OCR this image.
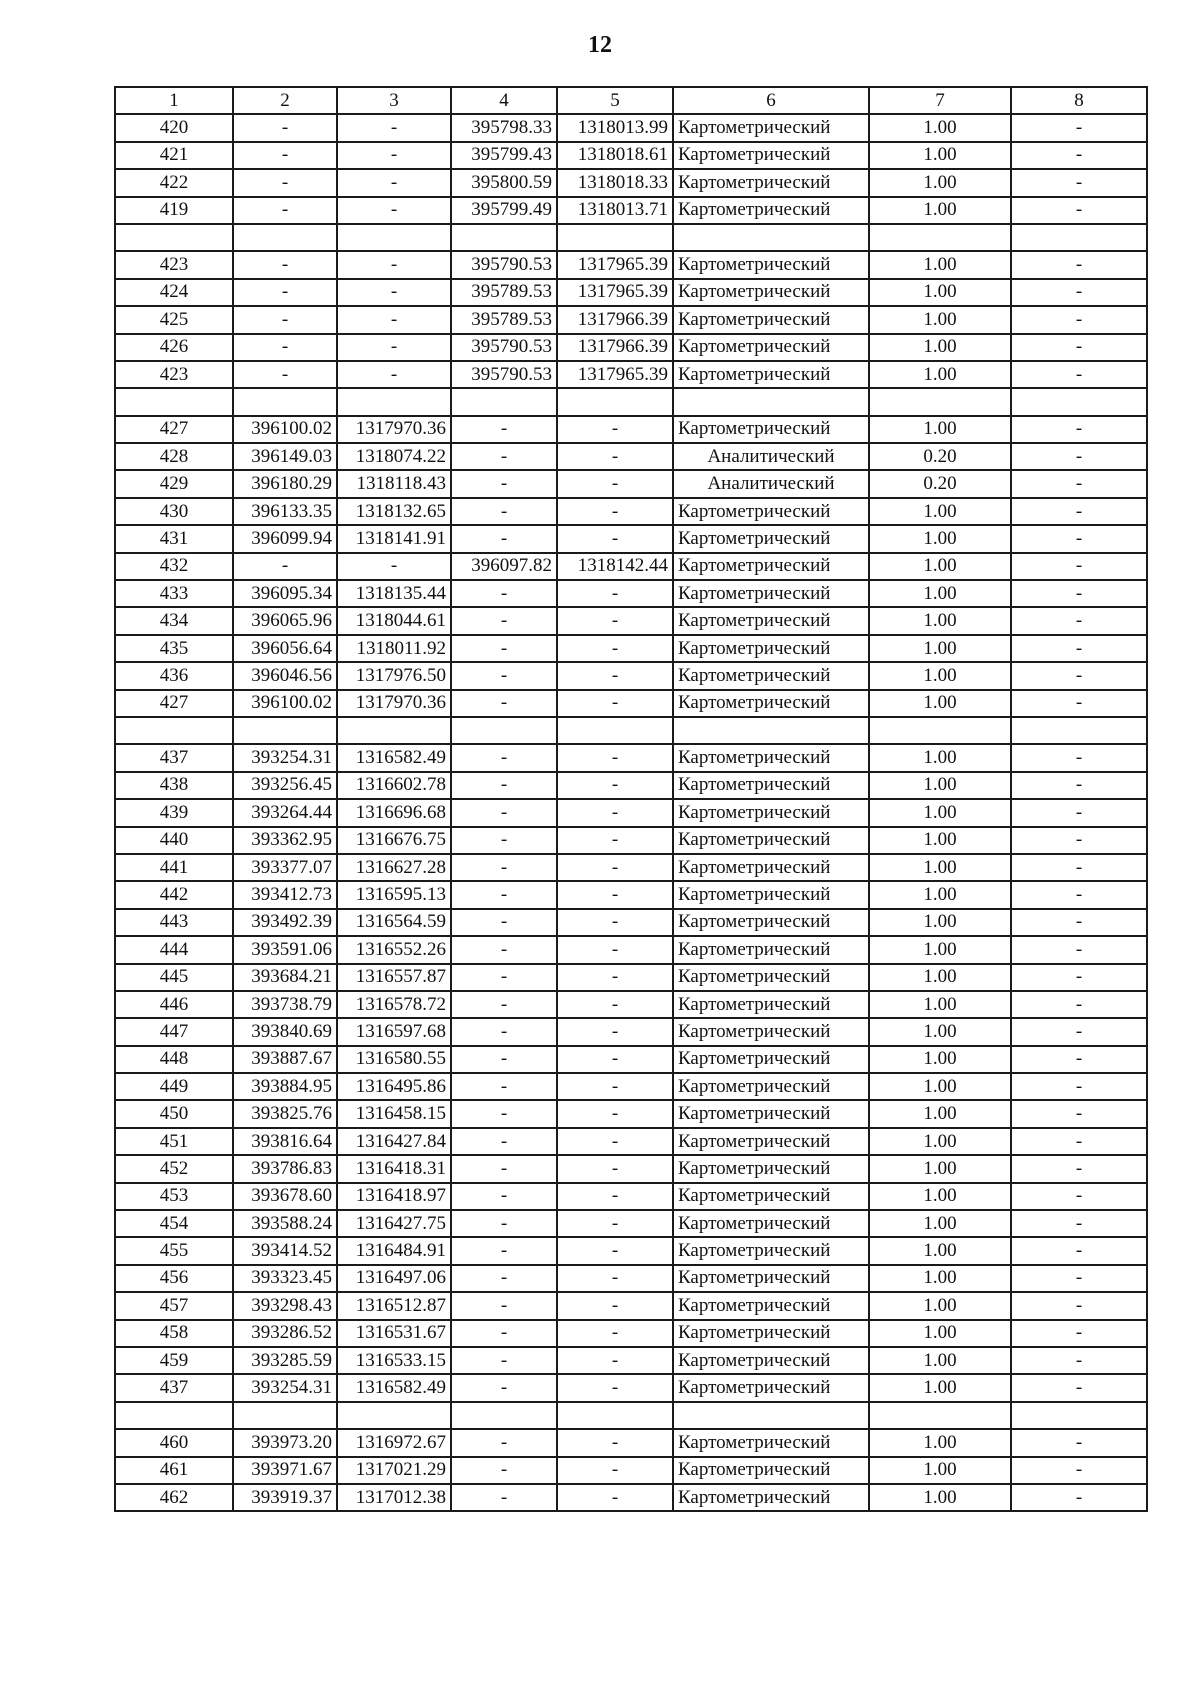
12
1	2	3	4	5	6	7	8
420	-	-	395798.33	1318013.99	Картометрический	1.00	-
421	-	-	395799.43	1318018.61	Картометрический	1.00	-
422	-	-	395800.59	1318018.33	Картометрический	1.00	-
419	-	-	395799.49	1318013.71	Картометрический	1.00	-

423	-	-	395790.53	1317965.39	Картометрический	1.00	-
424	-	-	395789.53	1317965.39	Картометрический	1.00	-
425	-	-	395789.53	1317966.39	Картометрический	1.00	-
426	-	-	395790.53	1317966.39	Картометрический	1.00	-
423	-	-	395790.53	1317965.39	Картометрический	1.00	-

427	396100.02	1317970.36	-	-	Картометрический	1.00	-
428	396149.03	1318074.22	-	-	Аналитический	0.20	-
429	396180.29	1318118.43	-	-	Аналитический	0.20	-
430	396133.35	1318132.65	-	-	Картометрический	1.00	-
431	396099.94	1318141.91	-	-	Картометрический	1.00	-
432	-	-	396097.82	1318142.44	Картометрический	1.00	-
433	396095.34	1318135.44	-	-	Картометрический	1.00	-
434	396065.96	1318044.61	-	-	Картометрический	1.00	-
435	396056.64	1318011.92	-	-	Картометрический	1.00	-
436	396046.56	1317976.50	-	-	Картометрический	1.00	-
427	396100.02	1317970.36	-	-	Картометрический	1.00	-

437	393254.31	1316582.49	-	-	Картометрический	1.00	-
438	393256.45	1316602.78	-	-	Картометрический	1.00	-
439	393264.44	1316696.68	-	-	Картометрический	1.00	-
440	393362.95	1316676.75	-	-	Картометрический	1.00	-
441	393377.07	1316627.28	-	-	Картометрический	1.00	-
442	393412.73	1316595.13	-	-	Картометрический	1.00	-
443	393492.39	1316564.59	-	-	Картометрический	1.00	-
444	393591.06	1316552.26	-	-	Картометрический	1.00	-
445	393684.21	1316557.87	-	-	Картометрический	1.00	-
446	393738.79	1316578.72	-	-	Картометрический	1.00	-
447	393840.69	1316597.68	-	-	Картометрический	1.00	-
448	393887.67	1316580.55	-	-	Картометрический	1.00	-
449	393884.95	1316495.86	-	-	Картометрический	1.00	-
450	393825.76	1316458.15	-	-	Картометрический	1.00	-
451	393816.64	1316427.84	-	-	Картометрический	1.00	-
452	393786.83	1316418.31	-	-	Картометрический	1.00	-
453	393678.60	1316418.97	-	-	Картометрический	1.00	-
454	393588.24	1316427.75	-	-	Картометрический	1.00	-
455	393414.52	1316484.91	-	-	Картометрический	1.00	-
456	393323.45	1316497.06	-	-	Картометрический	1.00	-
457	393298.43	1316512.87	-	-	Картометрический	1.00	-
458	393286.52	1316531.67	-	-	Картометрический	1.00	-
459	393285.59	1316533.15	-	-	Картометрический	1.00	-
437	393254.31	1316582.49	-	-	Картометрический	1.00	-

460	393973.20	1316972.67	-	-	Картометрический	1.00	-
461	393971.67	1317021.29	-	-	Картометрический	1.00	-
462	393919.37	1317012.38	-	-	Картометрический	1.00	-
